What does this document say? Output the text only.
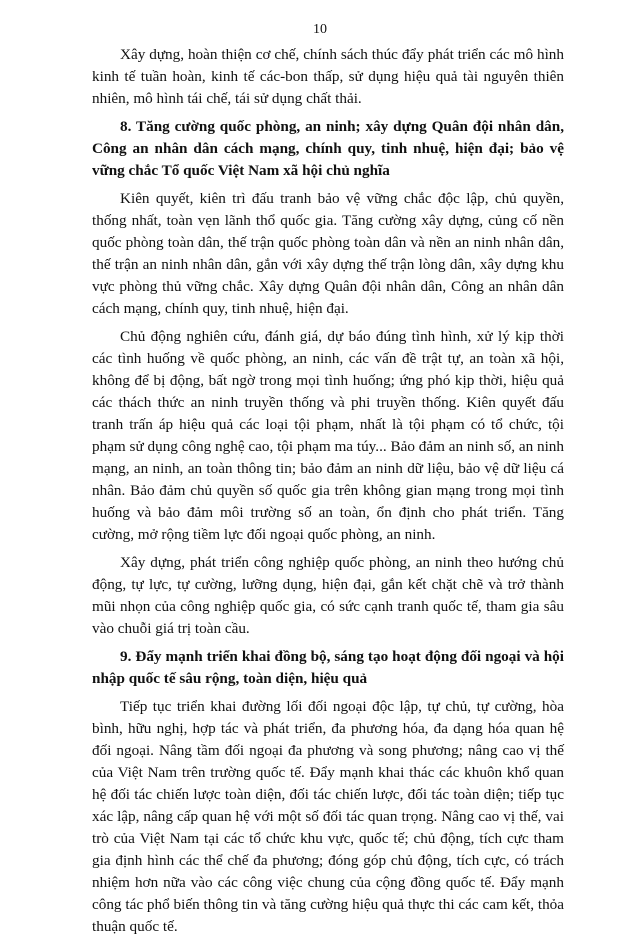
10

Xây dựng, hoàn thiện cơ chế, chính sách thúc đẩy phát triển các mô hình kinh tế tuần hoàn, kinh tế các-bon thấp, sử dụng hiệu quả tài nguyên thiên nhiên, mô hình tái chế, tái sử dụng chất thải.

8. Tăng cường quốc phòng, an ninh; xây dựng Quân đội nhân dân, Công an nhân dân cách mạng, chính quy, tinh nhuệ, hiện đại; bảo vệ vững chắc Tổ quốc Việt Nam xã hội chủ nghĩa

Kiên quyết, kiên trì đấu tranh bảo vệ vững chắc độc lập, chủ quyền, thống nhất, toàn vẹn lãnh thổ quốc gia. Tăng cường xây dựng, củng cố nền quốc phòng toàn dân, thế trận quốc phòng toàn dân và nền an ninh nhân dân, thế trận an ninh nhân dân, gắn với xây dựng thế trận lòng dân, xây dựng khu vực phòng thủ vững chắc. Xây dựng Quân đội nhân dân, Công an nhân dân cách mạng, chính quy, tinh nhuệ, hiện đại.

Chủ động nghiên cứu, đánh giá, dự báo đúng tình hình, xử lý kịp thời các tình huống về quốc phòng, an ninh, các vấn đề trật tự, an toàn xã hội, không để bị động, bất ngờ trong mọi tình huống; ứng phó kịp thời, hiệu quả các thách thức an ninh truyền thống và phi truyền thống. Kiên quyết đấu tranh trấn áp hiệu quả các loại tội phạm, nhất là tội phạm có tổ chức, tội phạm sử dụng công nghệ cao, tội phạm ma túy... Bảo đảm an ninh số, an ninh mạng, an ninh, an toàn thông tin; bảo đảm an ninh dữ liệu, bảo vệ dữ liệu cá nhân. Bảo đảm chủ quyền số quốc gia trên không gian mạng trong mọi tình huống và bảo đảm môi trường số an toàn, ổn định cho phát triển. Tăng cường, mở rộng tiềm lực đối ngoại quốc phòng, an ninh.

Xây dựng, phát triển công nghiệp quốc phòng, an ninh theo hướng chủ động, tự lực, tự cường, lưỡng dụng, hiện đại, gắn kết chặt chẽ và trở thành mũi nhọn của công nghiệp quốc gia, có sức cạnh tranh quốc tế, tham gia sâu vào chuỗi giá trị toàn cầu.

9. Đẩy mạnh triển khai đồng bộ, sáng tạo hoạt động đối ngoại và hội nhập quốc tế sâu rộng, toàn diện, hiệu quả

Tiếp tục triển khai đường lối đối ngoại độc lập, tự chủ, tự cường, hòa bình, hữu nghị, hợp tác và phát triển, đa phương hóa, đa dạng hóa quan hệ đối ngoại. Nâng tầm đối ngoại đa phương và song phương; nâng cao vị thế của Việt Nam trên trường quốc tế. Đẩy mạnh khai thác các khuôn khổ quan hệ đối tác chiến lược toàn diện, đối tác chiến lược, đối tác toàn diện; tiếp tục xác lập, nâng cấp quan hệ với một số đối tác quan trọng. Nâng cao vị thế, vai trò của Việt Nam tại các tổ chức khu vực, quốc tế; chủ động, tích cực tham gia định hình các thể chế đa phương; đóng góp chủ động, tích cực, có trách nhiệm hơn nữa vào các công việc chung của cộng đồng quốc tế. Đẩy mạnh công tác phổ biến thông tin và tăng cường hiệu quả thực thi các cam kết, thỏa thuận quốc tế.
